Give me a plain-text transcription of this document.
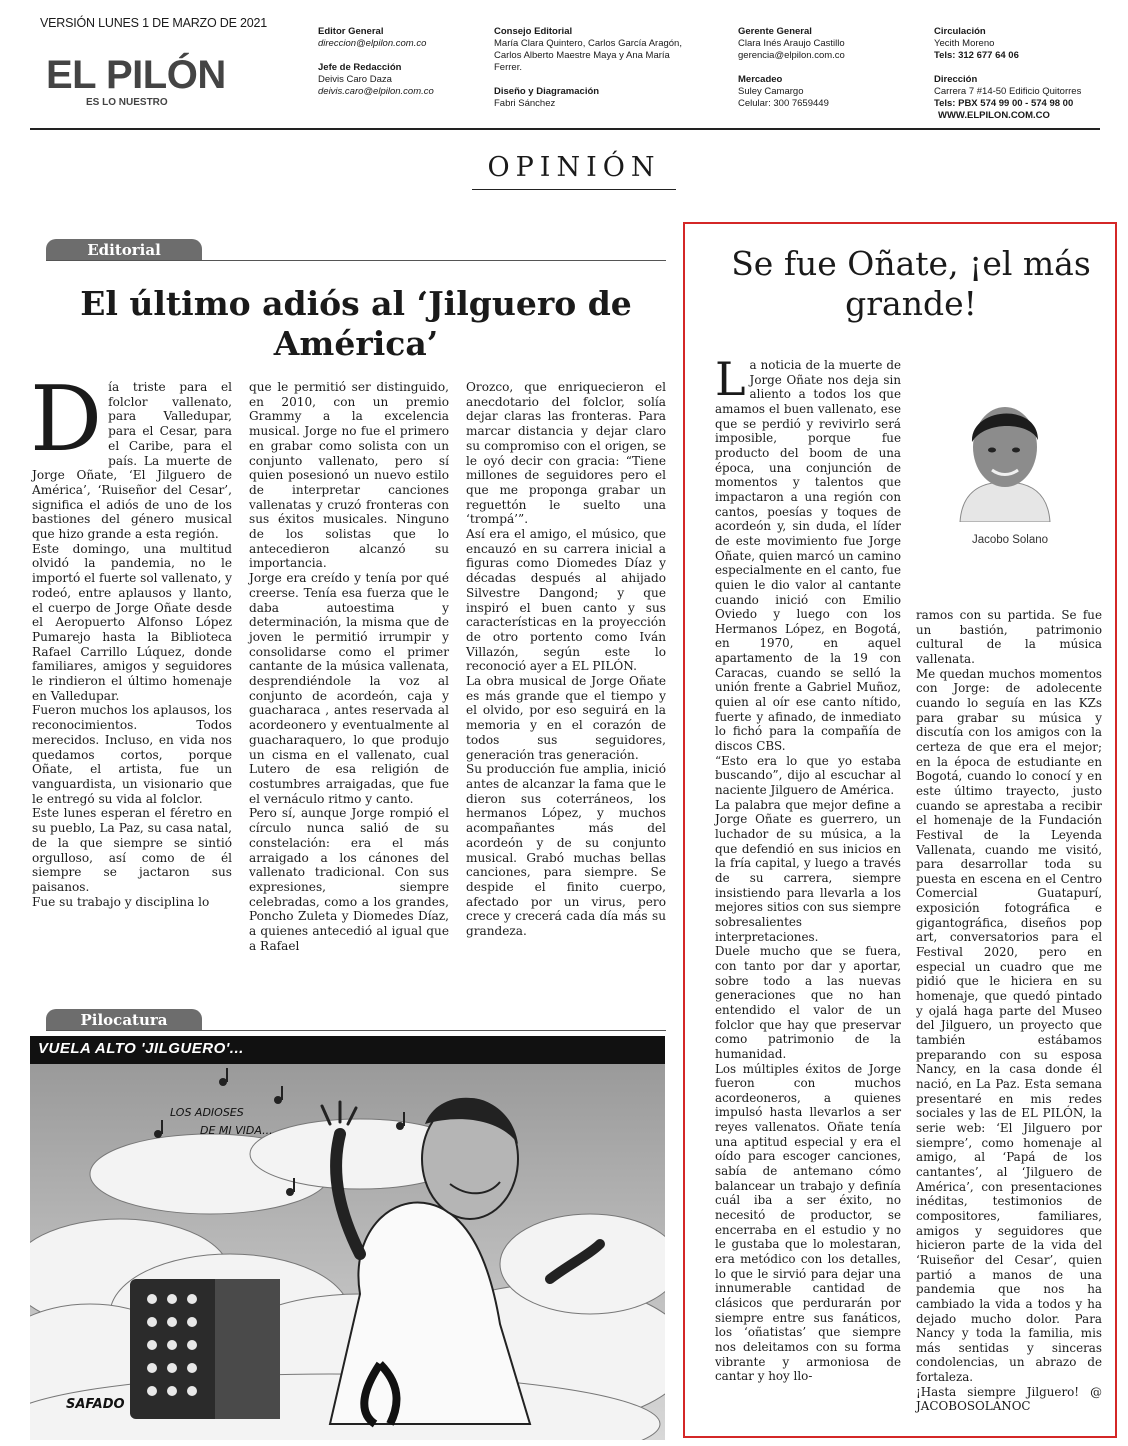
VERSIÓN LUNES 1 DE MARZO DE 2021
EL PILÓN
ES LO NUESTRO
Editor General
direccion@elpilon.com.co
Jefe de Redacción
Deivis Caro Daza
deivis.caro@elpilon.com.co
Consejo Editorial
María Clara Quintero, Carlos García Aragón,
Carlos Alberto Maestre Maya y Ana María
Ferrer.
Diseño y Diagramación
Fabri Sánchez
Gerente General
Clara Inés Araujo Castillo
gerencia@elpilon.com.co
Mercadeo
Suley Camargo
Celular: 300 7659449
Circulación
Yecith Moreno
Tels: 312 677 64 06
Dirección
Carrera 7 #14-50 Edificio Quitorres
Tels: PBX 574 99 00 - 574 98 00
WWW.ELPILON.COM.CO
OPINIÓN
Editorial
El último adiós al ‘Jilguero de América’
D ía triste para el folclor vallenato, para Valledupar, para el Cesar, para el Caribe, para el país. La muerte de Jorge Oñate, ‘El Jilguero de América’, ‘Ruiseñor del Cesar’, significa el adiós de uno de los bastiones del género musical que hizo grande a esta región.

Este domingo, una multitud olvidó la pandemia, no le importó el fuerte sol vallenato, y rodeó, entre aplausos y llanto, el cuerpo de Jorge Oñate desde el Aeropuerto Alfonso López Pumarejo hasta la Biblioteca Rafael Carrillo Lúquez, donde familiares, amigos y seguidores le rindieron el último homenaje en Valledupar.

Fueron muchos los aplausos, los reconocimientos. Todos merecidos. Incluso, en vida nos quedamos cortos, porque Oñate, el artista, fue un vanguardista, un visionario que le entregó su vida al folclor.

Este lunes esperan el féretro en su pueblo, La Paz, su casa natal, de la que siempre se sintió orgulloso, así como de él siempre se jactaron sus paisanos.

Fue su trabajo y disciplina lo

que le permitió ser distinguido, en 2010, con un premio Grammy a la excelencia musical. Jorge no fue el primero en grabar como solista con un conjunto vallenato, pero sí quien posesionó un nuevo estilo de interpretar canciones vallenatas y cruzó fronteras con sus éxitos musicales. Ninguno de los solistas que lo antecedieron alcanzó su importancia.

Jorge era creído y tenía por qué creerse. Tenía esa fuerza que le daba autoestima y determinación, la misma que de joven le permitió irrumpir y consolidarse como el primer cantante de la música vallenata, desprendiéndole la voz al conjunto de acordeón, caja y guacharaca , antes reservada al acordeonero y eventualmente al guacharaquero, lo que produjo un cisma en el vallenato, cual Lutero de esa religión de costumbres arraigadas, que fue el vernáculo ritmo y canto.

Pero sí, aunque Jorge rompió el círculo nunca salió de su constelación: era el más arraigado a los cánones del vallenato tradicional. Con sus expresiones, siempre celebradas, como a los grandes, Poncho Zuleta y Diomedes Díaz, a quienes antecedió al igual que a Rafael

Orozco, que enriquecieron el anecdotario del folclor, solía dejar claras las fronteras. Para marcar distancia y dejar claro su compromiso con el origen, se le oyó decir con gracia: “Tiene millones de seguidores pero el que me proponga grabar un reguettón le suelto una ‘trompá’”.

Así era el amigo, el músico, que encauzó en su carrera inicial a figuras como Diomedes Díaz y décadas después al ahijado Silvestre Dangond; y que inspiró el buen canto y sus características en la proyección de otro portento como Iván Villazón, según este lo reconoció ayer a EL PILÓN.

La obra musical de Jorge Oñate es más grande que el tiempo y el olvido, por eso seguirá en la memoria y en el corazón de todos sus seguidores, generación tras generación.

Su producción fue amplia, inició antes de alcanzar la fama que le dieron sus coterráneos, los hermanos López, y muchos acompañantes más del acordeón y de su conjunto musical. Grabó muchas bellas canciones, para siempre. Se despide el finito cuerpo, afectado por un virus, pero crece y crecerá cada día más su grandeza.

Pilocatura
VUELA ALTO 'JILGUERO'...
LOS ADIOSES
DE MI VIDA...
SAFADO
Se fue Oñate, ¡el más grande!
L a noticia de la muerte de Jorge Oñate nos deja sin aliento a todos los que amamos el buen vallenato, ese que se perdió y revivirlo será imposible, porque fue producto del boom de una época, una conjunción de momentos y talentos que impactaron a una región con cantos, poesías y toques de acordeón y, sin duda, el líder de este movimiento fue Jorge Oñate, quien marcó un camino especialmente en el canto, fue quien le dio valor al cantante cuando inició con Emilio Oviedo y luego con los Hermanos López, en Bogotá, en 1970, en aquel apartamento de la 19 con Caracas, cuando se selló la unión frente a Gabriel Muñoz, quien al oír ese canto nítido, fuerte y afinado, de inmediato lo fichó para la compañía de discos CBS.

“Esto era lo que yo estaba buscando”, dijo al escuchar al naciente Jilguero de América.

La palabra que mejor define a Jorge Oñate es guerrero, un luchador de su música, a la que defendió en sus inicios en la fría capital, y luego a través de su carrera, siempre insistiendo para llevarla a los mejores sitios con sus siempre sobresalientes interpretaciones.

Duele mucho que se fuera, con tanto por dar y aportar, sobre todo a las nuevas generaciones que no han entendido el valor de un folclor que hay que preservar como patrimonio de la humanidad.

Los múltiples éxitos de Jorge fueron con muchos acordeoneros, a quienes impulsó hasta llevarlos a ser reyes vallenatos. Oñate tenía una aptitud especial y era el oído para escoger canciones, sabía de antemano cómo balancear un trabajo y definía cuál iba a ser éxito, no necesitó de productor, se encerraba en el estudio y no le gustaba que lo molestaran, era metódico con los detalles, lo que le sirvió para dejar una innumerable cantidad de clásicos que perdurarán por siempre entre sus fanáticos, los ‘oñatistas’ que siempre nos deleitamos con su forma vibrante y armoniosa de cantar y hoy llo-

Jacobo Solano

ramos con su partida. Se fue un bastión, patrimonio cultural de la música vallenata.

Me quedan muchos momentos con Jorge: de adolecente cuando lo seguía en las KZs para grabar su música y discutía con los amigos con la certeza de que era el mejor; en la época de estudiante en Bogotá, cuando lo conocí y en este último trayecto, justo cuando se aprestaba a recibir el homenaje de la Fundación Festival de la Leyenda Vallenata, cuando me visitó, para desarrollar toda su puesta en escena en el Centro Comercial Guatapurí, exposición fotográfica e gigantográfica, diseños pop art, conversatorios para el Festival 2020, pero en especial un cuadro que me pidió que le hiciera en su homenaje, que quedó pintado y ojalá haga parte del Museo del Jilguero, un proyecto que también estábamos preparando con su esposa Nancy, en la casa donde él nació, en La Paz. Esta semana presentaré en mis redes sociales y las de EL PILÓN, la serie web: ‘El Jilguero por siempre’, como homenaje al amigo, al ‘Papá de los cantantes’, al ‘Jilguero de América’, con presentaciones inéditas, testimonios de compositores, familiares, amigos y seguidores que hicieron parte de la vida del ‘Ruiseñor del Cesar’, quien partió a manos de una pandemia que nos ha cambiado la vida a todos y ha dejado mucho dolor. Para Nancy y toda la familia, mis más sentidas y sinceras condolencias, un abrazo de fortaleza.

¡Hasta siempre Jilguero! @ JACOBOSOLANOC
